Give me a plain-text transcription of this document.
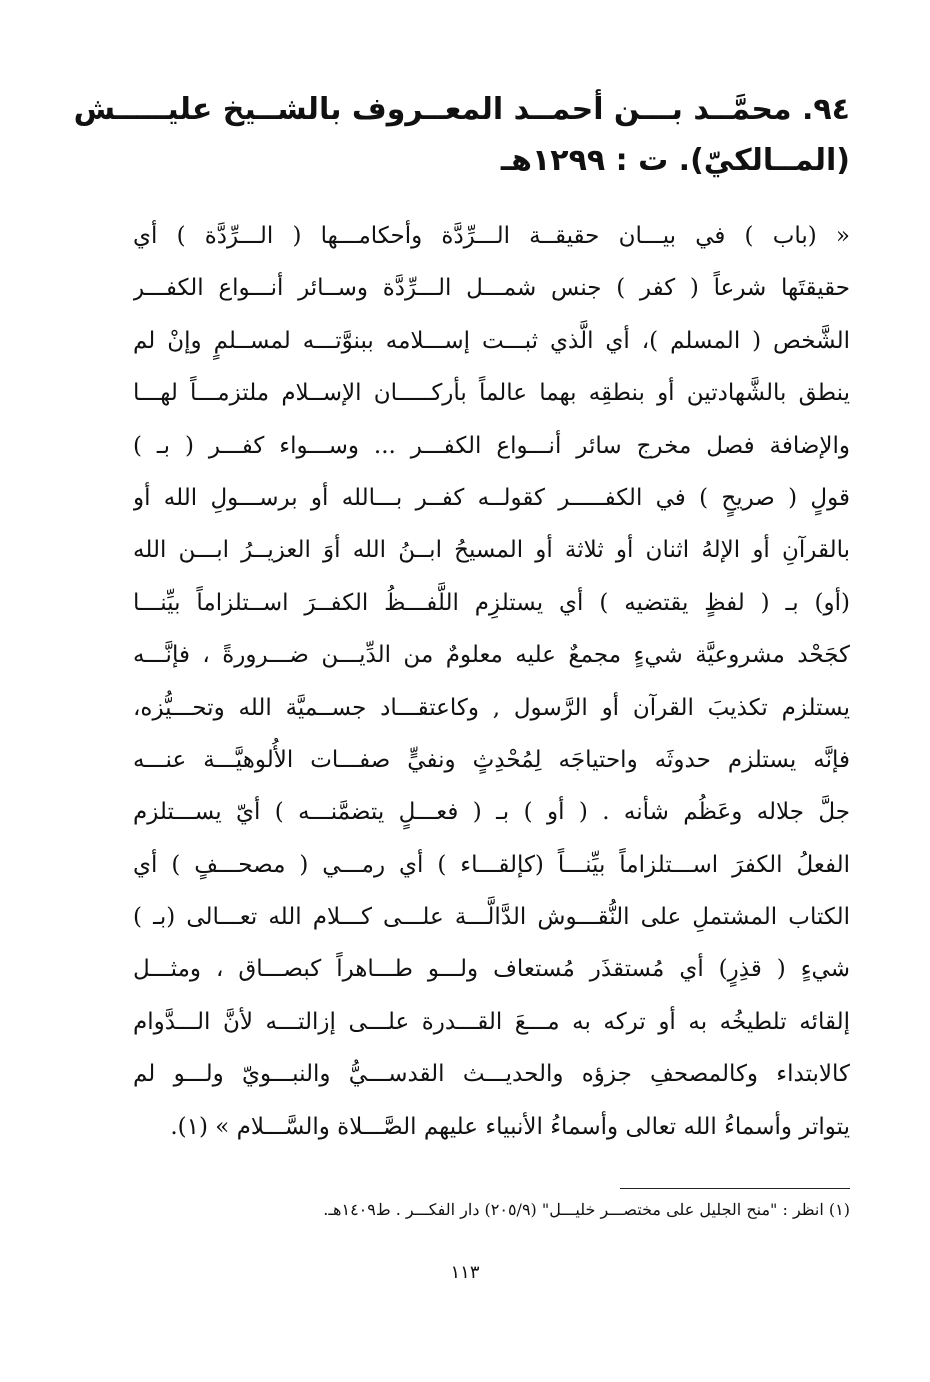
٩٤. محمَّــد بـــن أحمــد المعــروف بالشــيخ عليـــــش
(المــالكيّ). ت : ١٢٩٩هـ
« (باب ) في بيـــان حقيقــة الـــرِّدَّة وأحكامـــها ( الـــرِّدَّة ) أي
حقيقتَها شرعاً ( كفر ) جنس شمـــل الـــرِّدَّة وســائر أنـــواع الكفـــر
الشَّخص ( المسلم )، أي الَّذي ثبـــت إســـلامه ببنوَّتـــه لمســلمٍ وإنْ لم
ينطق بالشَّهادتين أو بنطقِه بهما عالماً بأركـــــان الإســلام ملتزمـــاً لهـــا
والإضافة فصل مخرج سائر أنـــواع الكفـــر ... وســـواء كفـــر ( بـ )
قولٍ ( صريحٍ ) في الكفـــــر كقولــه كفــر بـــالله أو برســـولِ الله أو
بالقرآنِ أو الإلهُ اثنان أو ثلاثة أو المسيحُ ابــنُ الله أوَ العزيــرُ ابـــن الله
(أو) بـ ( لفظٍ يقتضيه ) أي يستلزِم اللَّفـــظُ الكفــرَ اســتلزاماً بيِّنـــا
كجَحْد مشروعيَّة شيءٍ مجمعٌ عليه معلومٌ من الدِّيـــن ضـــرورةً ، فإنَّـــه
يستلزم تكذيبَ القرآن أو الرَّسول , وكاعتقـــاد جســميَّة الله وتحـــيُّزه،
فإنَّه يستلزم حدوثَه واحتياجَه لِمُحْدِثٍ ونفيٍّ صفـــات الأُلوهيَّـــة عنـــه
جلَّ جلاله وعَظُم شأنه . ( أو ) بـ ( فعـــلٍ يتضمَّنـــه ) أيّ يســـتلزم
الفعلُ الكفرَ اســـتلزاماً بيِّنـــاً (كإلقـــاء ) أي رمـــي ( مصحـــفٍ ) أي
الكتاب المشتملِ على النُّقـــوش الدَّالَّـــة علـــى كـــلام الله تعـــالى (بـ )
شيءٍ ( قذِرٍ) أي مُستقذَر مُستعاف ولـــو طـــاهراً كبصـــاق ، ومثـــل
إلقائه تلطيخُه به أو تركه به مـــعَ القـــدرة علـــى إزالتـــه لأنَّ الـــدَّوام
كالابتداء وكالمصحفِ جزؤه والحديـــث القدســـيُّ والنبـــويّ ولـــو لم
يتواتر وأسماءُ الله تعالى وأسماءُ الأنبياء عليهم الصَّـــلاة والسَّـــلام » (١).
(١) انظر : "منح الجليل على مختصـــر خليـــل" (٢٠٥/٩) دار الفكـــر . ط١٤٠٩هـ.
١١٣
